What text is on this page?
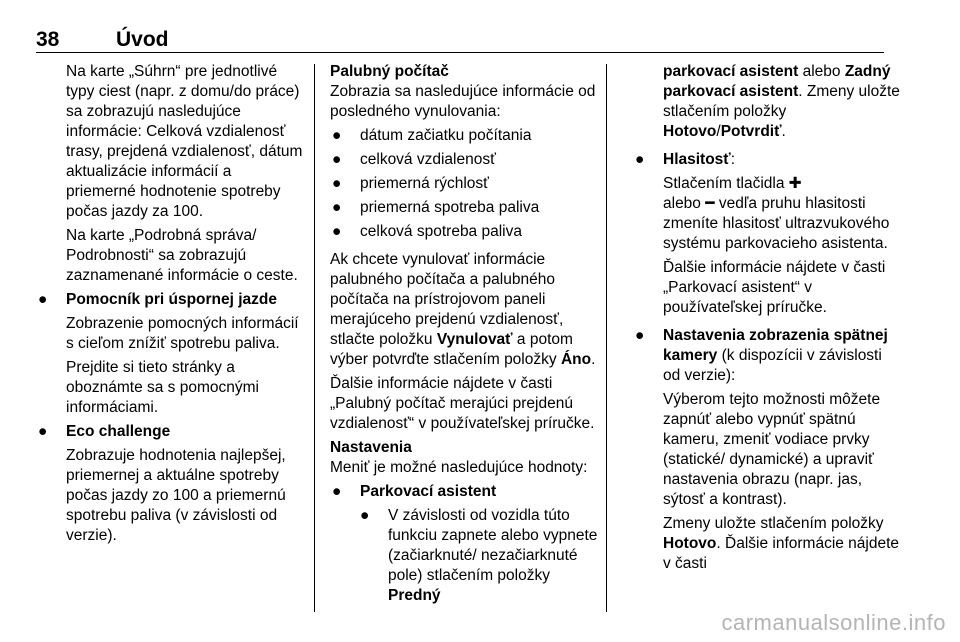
38	Úvod

Na karte „Súhrn“ pre jednotlivé typy ciest (napr. z domu/do práce) sa zobrazujú nasledujúce informácie: Celková vzdialenosť trasy, prejdená vzdialenosť, dátum aktualizácie informácií a priemerné hodnotenie spotreby počas jazdy za 100.

Na karte „Podrobná správa/ Podrobnosti“ sa zobrazujú zaznamenané informácie o ceste.

● Pomocník pri úspornej jazde

Zobrazenie pomocných informácií s cieľom znížiť spotrebu paliva.

Prejdite si tieto stránky a oboznámte sa s pomocnými informáciami.

● Eco challenge

Zobrazuje hodnotenia najlepšej, priemernej a aktuálne spotreby počas jazdy zo 100 a priemernú spotrebu paliva (v závislosti od verzie).

Palubný počítač

Zobrazia sa nasledujúce informácie od posledného vynulovania:

● dátum začiatku počítania
● celková vzdialenosť
● priemerná rýchlosť
● priemerná spotreba paliva
● celková spotreba paliva

Ak chcete vynulovať informácie palubného počítača a palubného počítača na prístrojovom paneli merajúceho prejdenú vzdialenosť, stlačte položku Vynulovať a potom výber potvrďte stlačením položky Áno.

Ďalšie informácie nájdete v časti „Palubný počítač merajúci prejdenú vzdialenosť“ v používateľskej príručke.

Nastavenia

Meniť je možné nasledujúce hodnoty:

● Parkovací asistent
● V závislosti od vozidla túto funkciu zapnete alebo vypnete (začiarknuté/ nezačiarknuté pole) stlačením položky Predný

parkovací asistent alebo Zadný parkovací asistent. Zmeny uložte stlačením položky Hotovo/Potvrdiť.

● Hlasitosť:

Stlačením tlačidla ✚
alebo ━ vedľa pruhu hlasitosti zmeníte hlasitosť ultrazvukového systému parkovacieho asistenta.

Ďalšie informácie nájdete v časti „Parkovací asistent“ v používateľskej príručke.

● Nastavenia zobrazenia spätnej kamery (k dispozícii v závislosti od verzie):

Výberom tejto možnosti môžete zapnúť alebo vypnúť spätnú kameru, zmeniť vodiace prvky (statické/ dynamické) a upraviť nastavenia obrazu (napr. jas, sýtosť a kontrast).

Zmeny uložte stlačením položky Hotovo. Ďalšie informácie nájdete v časti

carmanualsonline.info
